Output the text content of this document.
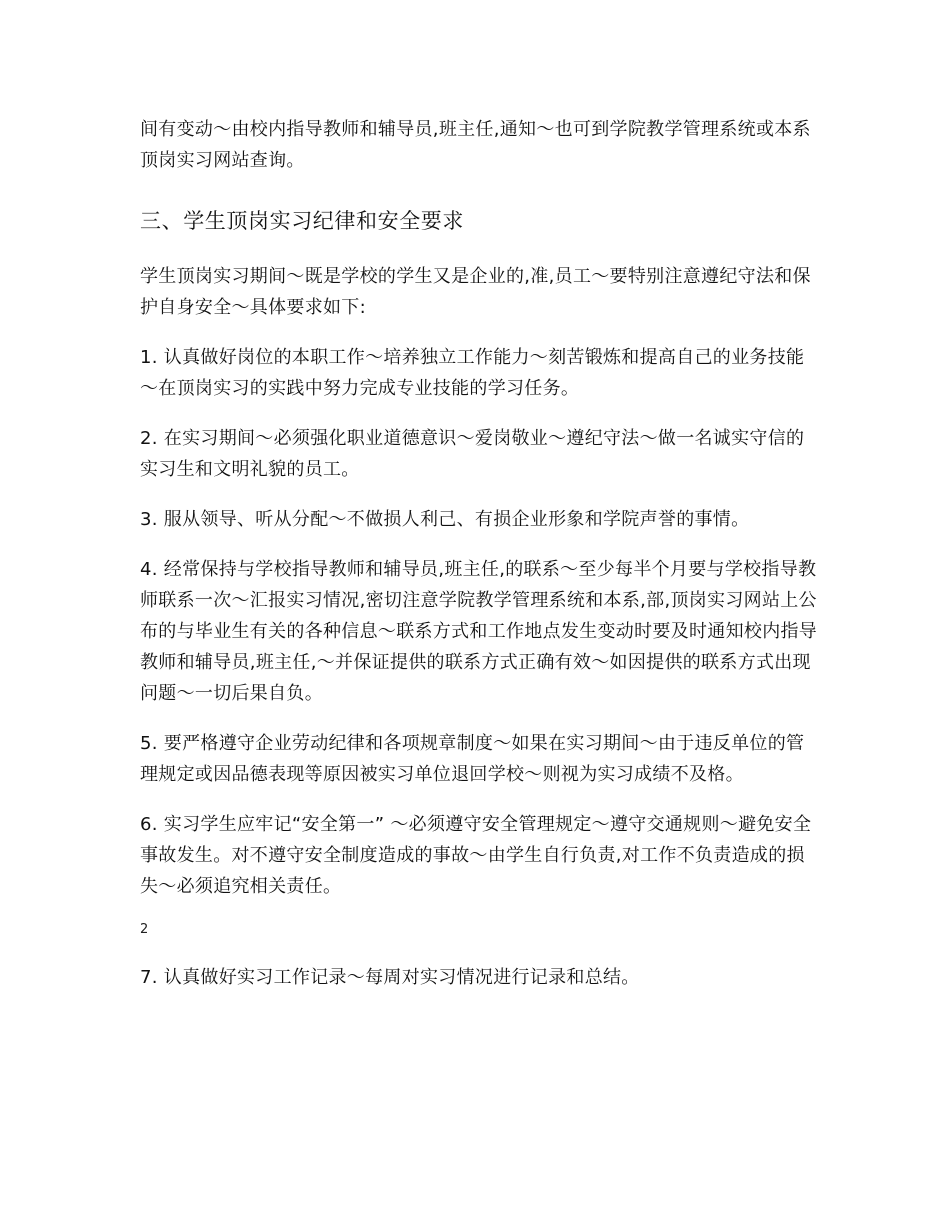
间有变动～由校内指导教师和辅导员,班主任,通知～也可到学院教学管理系统或本系顶岗实习网站查询。

三、学生顶岗实习纪律和安全要求

学生顶岗实习期间～既是学校的学生又是企业的,准,员工～要特别注意遵纪守法和保护自身安全～具体要求如下:

1. 认真做好岗位的本职工作～培养独立工作能力～刻苦锻炼和提高自己的业务技能～在顶岗实习的实践中努力完成专业技能的学习任务。

2. 在实习期间～必须强化职业道德意识～爱岗敬业～遵纪守法～做一名诚实守信的实习生和文明礼貌的员工。

3. 服从领导、听从分配～不做损人利己、有损企业形象和学院声誉的事情。

4. 经常保持与学校指导教师和辅导员,班主任,的联系～至少每半个月要与学校指导教师联系一次～汇报实习情况,密切注意学院教学管理系统和本系,部,顶岗实习网站上公布的与毕业生有关的各种信息～联系方式和工作地点发生变动时要及时通知校内指导教师和辅导员,班主任,～并保证提供的联系方式正确有效～如因提供的联系方式出现问题～一切后果自负。

5. 要严格遵守企业劳动纪律和各项规章制度～如果在实习期间～由于违反单位的管理规定或因品德表现等原因被实习单位退回学校～则视为实习成绩不及格。

6. 实习学生应牢记“安全第一” ～必须遵守安全管理规定～遵守交通规则～避免安全事故发生。对不遵守安全制度造成的事故～由学生自行负责,对工作不负责造成的损失～必须追究相关责任。

2

7. 认真做好实习工作记录～每周对实习情况进行记录和总结。
